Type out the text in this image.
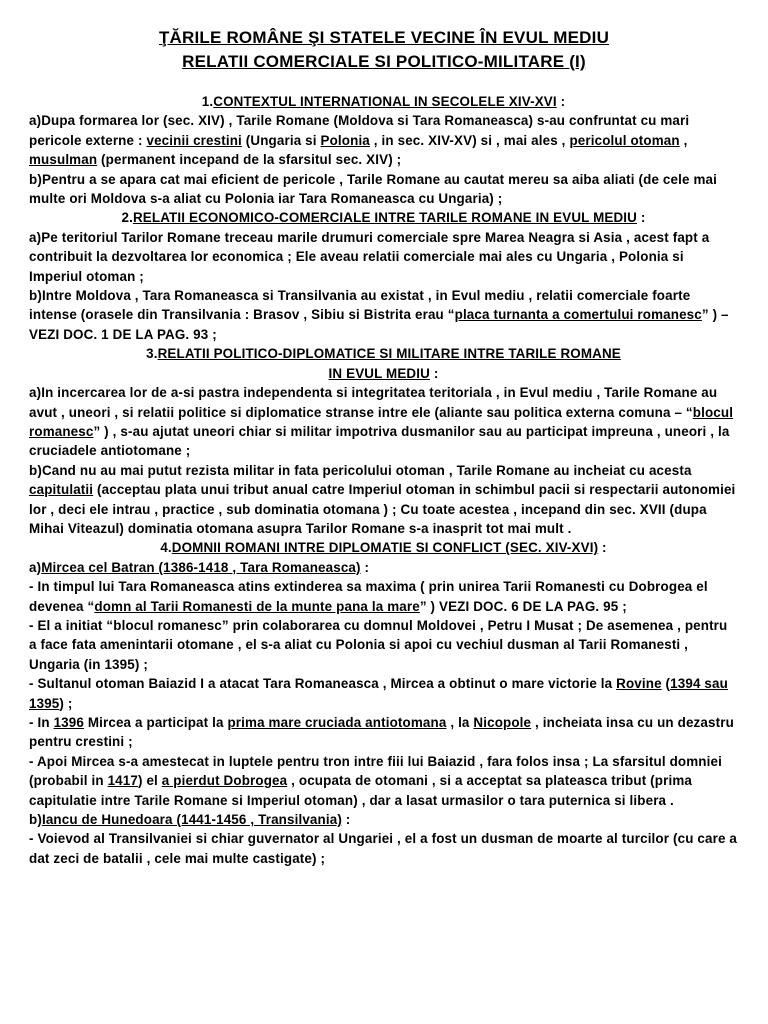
ŢĂRILE ROMÂNE ŞI STATELE VECINE ÎN EVUL MEDIU
RELATII COMERCIALE SI POLITICO-MILITARE (I)
1.CONTEXTUL INTERNATIONAL IN SECOLELE XIV-XVI :

a)Dupa formarea lor (sec. XIV) , Tarile Romane (Moldova si Tara Romaneasca) s-au confruntat cu mari pericole externe : vecinii crestini (Ungaria si Polonia , in sec. XIV-XV) si , mai ales , pericolul otoman , musulman (permanent incepand de la sfarsitul sec. XIV) ;

b)Pentru a se apara cat mai eficient de pericole , Tarile Romane au cautat mereu sa aiba aliati (de cele mai multe ori Moldova s-a aliat cu Polonia iar Tara Romaneasca cu Ungaria) ;

2.RELATII ECONOMICO-COMERCIALE INTRE TARILE ROMANE IN EVUL MEDIU :

a)Pe teritoriul Tarilor Romane treceau marile drumuri comerciale spre Marea Neagra si Asia , acest fapt a contribuit la dezvoltarea lor economica ; Ele aveau relatii comerciale mai ales cu Ungaria , Polonia si Imperiul otoman ;

b)Intre Moldova , Tara Romaneasca si Transilvania au existat , in Evul mediu , relatii comerciale foarte intense (orasele din Transilvania : Brasov , Sibiu si Bistrita erau “placa turnanta a comertului romanesc” ) – VEZI DOC. 1 DE LA PAG. 93 ;

3.RELATII POLITICO-DIPLOMATICE SI MILITARE INTRE TARILE ROMANE
IN EVUL MEDIU :

a)In incercarea lor de a-si pastra independenta si integritatea teritoriala , in Evul mediu , Tarile Romane au avut , uneori , si relatii politice si diplomatice stranse intre ele (aliante sau politica externa comuna – “blocul romanesc” ) , s-au ajutat uneori chiar si militar impotriva dusmanilor sau au participat impreuna , uneori , la cruciadele antiotomane ;

b)Cand nu au mai putut rezista militar in fata pericolului otoman , Tarile Romane au incheiat cu acesta capitulatii (acceptau plata unui tribut anual catre Imperiul otoman in schimbul pacii si respectarii autonomiei lor , deci ele intrau , practice , sub dominatia otomana ) ; Cu toate acestea , incepand din sec. XVII (dupa Mihai Viteazul) dominatia otomana asupra Tarilor Romane s-a inasprit tot mai mult .

4.DOMNII ROMANI INTRE DIPLOMATIE SI CONFLICT (SEC. XIV-XVI) :

a)Mircea cel Batran (1386-1418 , Tara Romaneasca) :

- In timpul lui Tara Romaneasca atins extinderea sa maxima ( prin unirea Tarii Romanesti cu Dobrogea el devenea “domn al Tarii Romanesti de la munte pana la mare” ) VEZI DOC. 6 DE LA PAG. 95 ;

- El a initiat “blocul romanesc” prin colaborarea cu domnul Moldovei , Petru I Musat ; De asemenea , pentru a face fata amenintarii otomane , el s-a aliat cu Polonia si apoi cu vechiul dusman al Tarii Romanesti , Ungaria (in 1395) ;

- Sultanul otoman Baiazid I a atacat Tara Romaneasca , Mircea a obtinut o mare victorie la Rovine (1394 sau 1395) ;

- In 1396 Mircea a participat la prima mare cruciada antiotomana , la Nicopole , incheiata insa cu un dezastru pentru crestini ;

- Apoi Mircea s-a amestecat in luptele pentru tron intre fiii lui Baiazid , fara folos insa ; La sfarsitul domniei (probabil in 1417) el a pierdut Dobrogea , ocupata de otomani , si a acceptat sa plateasca tribut (prima capitulatie intre Tarile Romane si Imperiul otoman) , dar a lasat urmasilor o tara puternica si libera .

b)Iancu de Hunedoara (1441-1456 , Transilvania) :

- Voievod al Transilvaniei si chiar guvernator al Ungariei , el a fost un dusman de moarte al turcilor (cu care a dat zeci de batalii , cele mai multe castigate) ;
